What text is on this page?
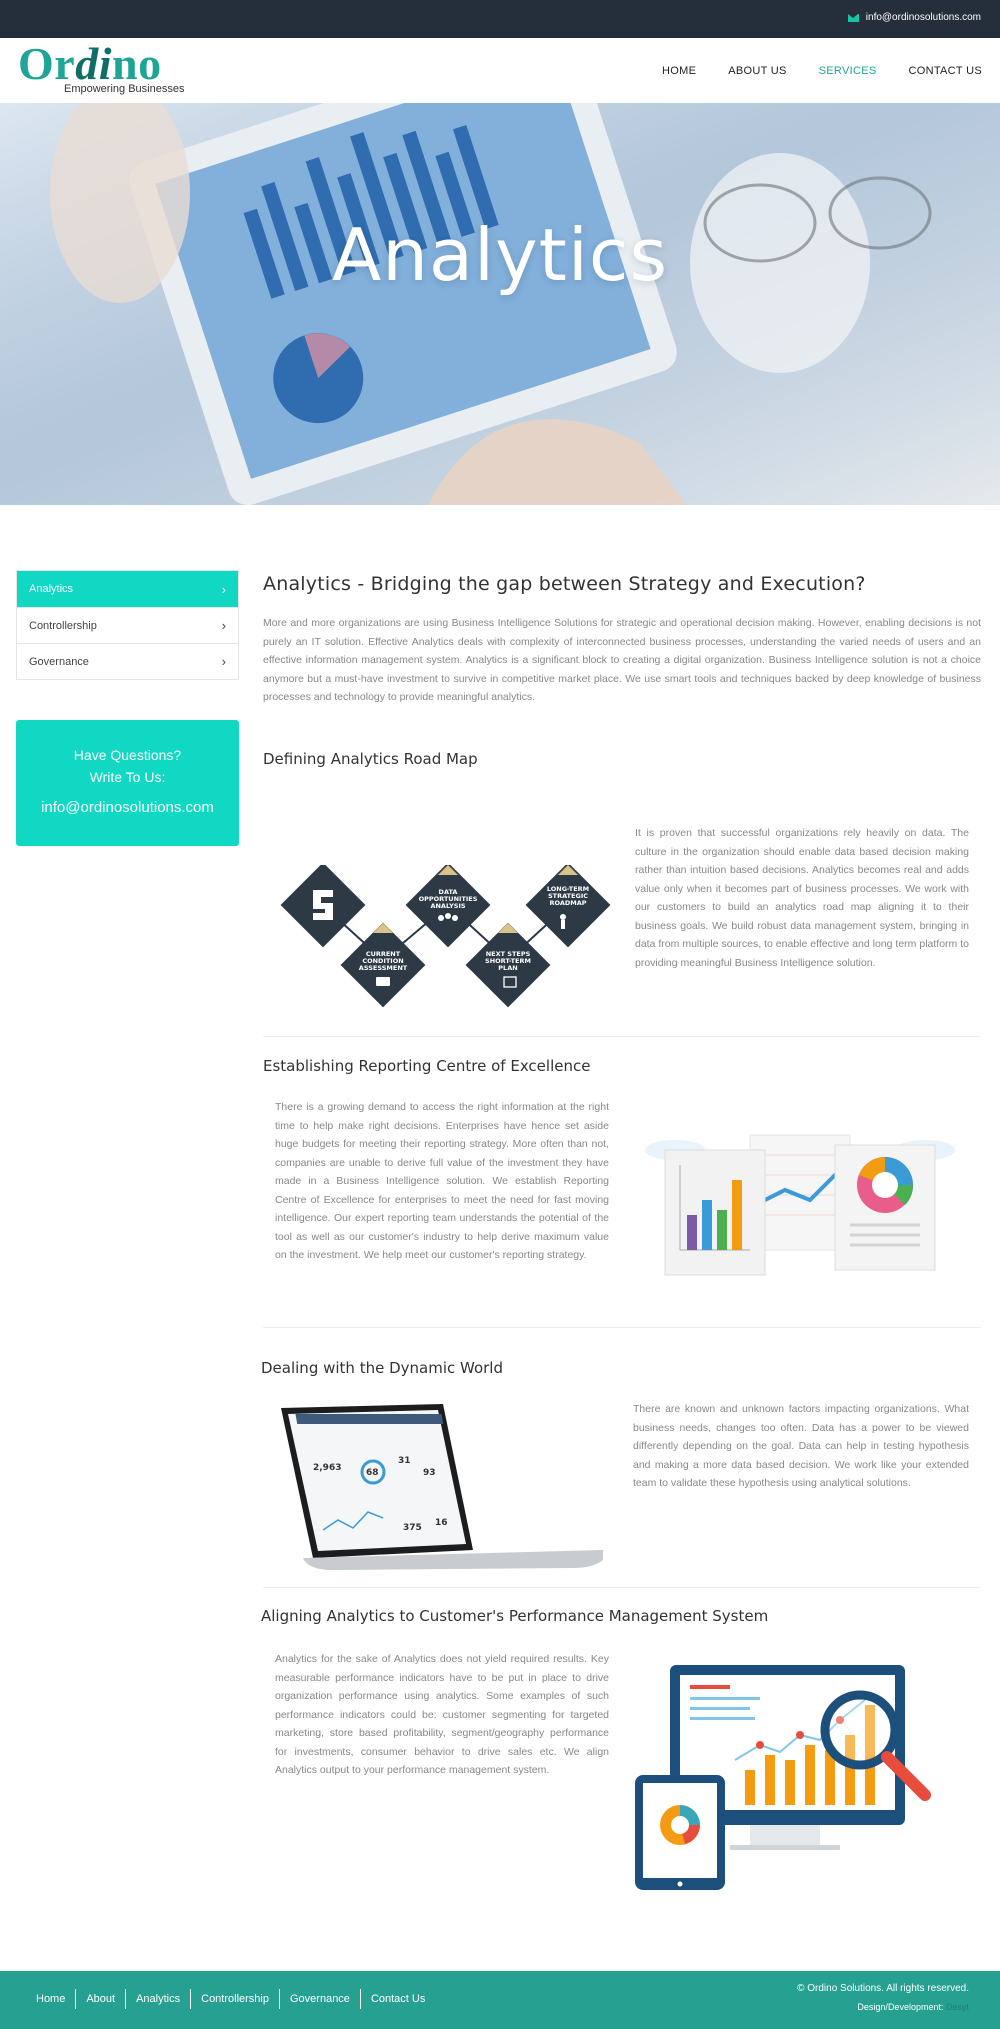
info@ordinosolutions.com
Ordino
Empowering Businesses
HOME	ABOUT US	SERVICES	CONTACT US
Analytics
Analytics	›
Controllership	›
Governance	›
Have Questions?
Write To Us:
info@ordinosolutions.com
Analytics - Bridging the gap between Strategy and Execution?

More and more organizations are using Business Intelligence Solutions for strategic and operational decision making. However, enabling decisions is not purely an IT solution. Effective Analytics deals with complexity of interconnected business processes, understanding the varied needs of users and an effective information management system. Analytics is a significant block to creating a digital organization. Business Intelligence solution is not a choice anymore but a must-have investment to survive in competitive market place. We use smart tools and techniques backed by deep knowledge of business processes and technology to provide meaningful analytics.

Defining Analytics Road Map
DATA
OPPORTUNITIES
ANALYSIS
LONG-TERM
STRATEGIC
ROADMAP
CURRENT
CONDITION
ASSESSMENT
NEXT STEPS
SHORT-TERM
PLAN

It is proven that successful organizations rely heavily on data. The culture in the organization should enable data based decision making rather than intuition based decisions. Analytics becomes real and adds value only when it becomes part of business processes. We work with our customers to build an analytics road map aligning it to their business goals. We build robust data management system, bringing in data from multiple sources, to enable effective and long term platform to providing meaningful Business Intelligence solution.

Establishing Reporting Centre of Excellence

There is a growing demand to access the right information at the right time to help make right decisions. Enterprises have hence set aside huge budgets for meeting their reporting strategy. More often than not, companies are unable to derive full value of the investment they have made in a Business Intelligence solution. We establish Reporting Centre of Excellence for enterprises to meet the need for fast moving intelligence. Our expert reporting team understands the potential of the tool as well as our customer's industry to help derive maximum value on the investment. We help meet our customer's reporting strategy.

Dealing with the Dynamic World
2,963	68
31
93
375 16

There are known and unknown factors impacting organizations. What business needs, changes too often. Data has a power to be viewed differently depending on the goal. Data can help in testing hypothesis and making a more data based decision. We work like your extended team to validate these hypothesis using analytical solutions.

Aligning Analytics to Customer's Performance Management System

Analytics for the sake of Analytics does not yield required results. Key measurable performance indicators have to be put in place to drive organization performance using analytics. Some examples of such performance indicators could be: customer segmenting for targeted marketing, store based profitability, segment/geography performance for investments, consumer behavior to drive sales etc. We align Analytics output to your performance management system.

Home	About	Analytics	Controllership	Governance	Contact Us
© Ordino Solutions. All rights reserved.
Design/Development: Desyt
